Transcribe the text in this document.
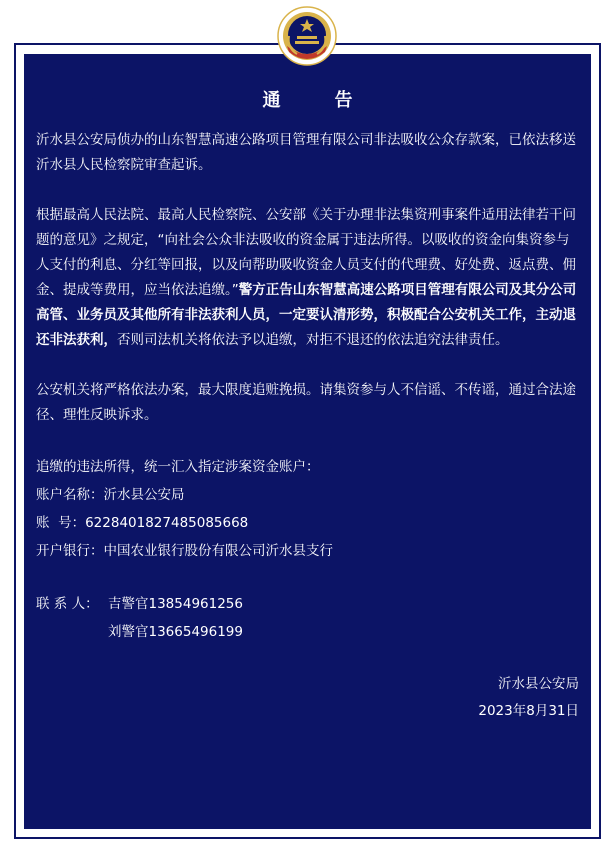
通　告

沂水县公安局侦办的山东智慧高速公路项目管理有限公司非法吸收公众存款案，已依法移送沂水县人民检察院审查起诉。

根据最高人民法院、最高人民检察院、公安部《关于办理非法集资刑事案件适用法律若干问题的意见》之规定，“向社会公众非法吸收的资金属于违法所得。以吸收的资金向集资参与人支付的利息、分红等回报，以及向帮助吸收资金人员支付的代理费、好处费、返点费、佣金、提成等费用，应当依法追缴。”警方正告山东智慧高速公路项目管理有限公司及其分公司高管、业务员及其他所有非法获利人员，一定要认清形势，积极配合公安机关工作，主动退还非法获利，否则司法机关将依法予以追缴，对拒不退还的依法追究法律责任。

公安机关将严格依法办案，最大限度追赃挽损。请集资参与人不信谣、不传谣，通过合法途径、理性反映诉求。

追缴的违法所得，统一汇入指定涉案资金账户：

账户名称：沂水县公安局

账  号：6228401827485085668

开户银行：中国农业银行股份有限公司沂水县支行

联 系 人： 吉警官13854961256
刘警官13665496199

沂水县公安局

2023年8月31日
